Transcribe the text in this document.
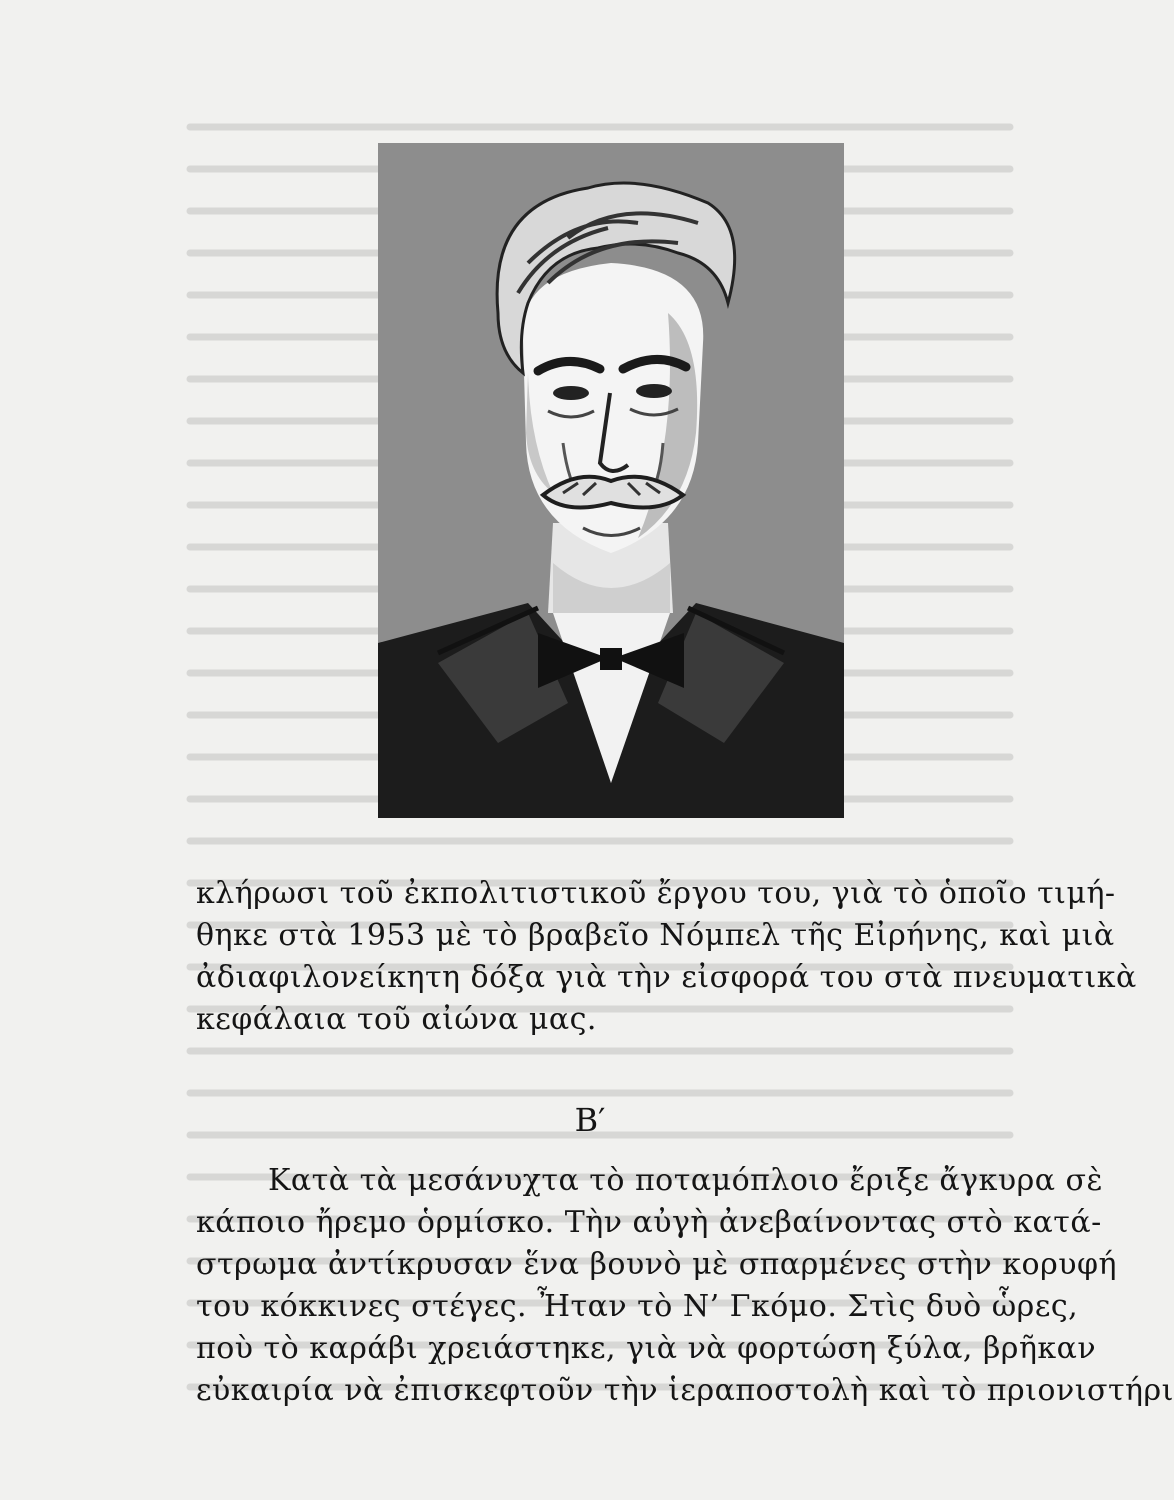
κλήρωσι τοῦ ἐκπολιτιστικοῦ ἔργου του, γιὰ τὸ ὁποῖο τιμή-
θηκε στὰ 1953 μὲ τὸ βραβεῖο Νόμπελ τῆς Εἰρήνης, καὶ μιὰ
ἀδιαφιλονείκητη δόξα γιὰ τὴν εἰσφορά του στὰ πνευματικὰ
κεφάλαια τοῦ αἰώνα μας.
Β′
Κατὰ τὰ μεσάνυχτα τὸ ποταμόπλοιο ἔριξε ἄγκυρα σὲ
κάποιο ἤρεμο ὁρμίσκο. Τὴν αὐγὴ ἀνεβαίνοντας στὸ κατά-
στρωμα ἀντίκρυσαν ἕνα βουνὸ μὲ σπαρμένες στὴν κορυφή
του κόκκινες στέγες. Ἦταν τὸ Ν’ Γκόμο. Στὶς δυὸ ὧρες,
ποὺ τὸ καράβι χρειάστηκε, γιὰ νὰ φορτώση ξύλα, βρῆκαν
εὐκαιρία νὰ ἐπισκεφτοῦν τὴν ἱεραποστολὴ καὶ τὸ πριονιστήρι
